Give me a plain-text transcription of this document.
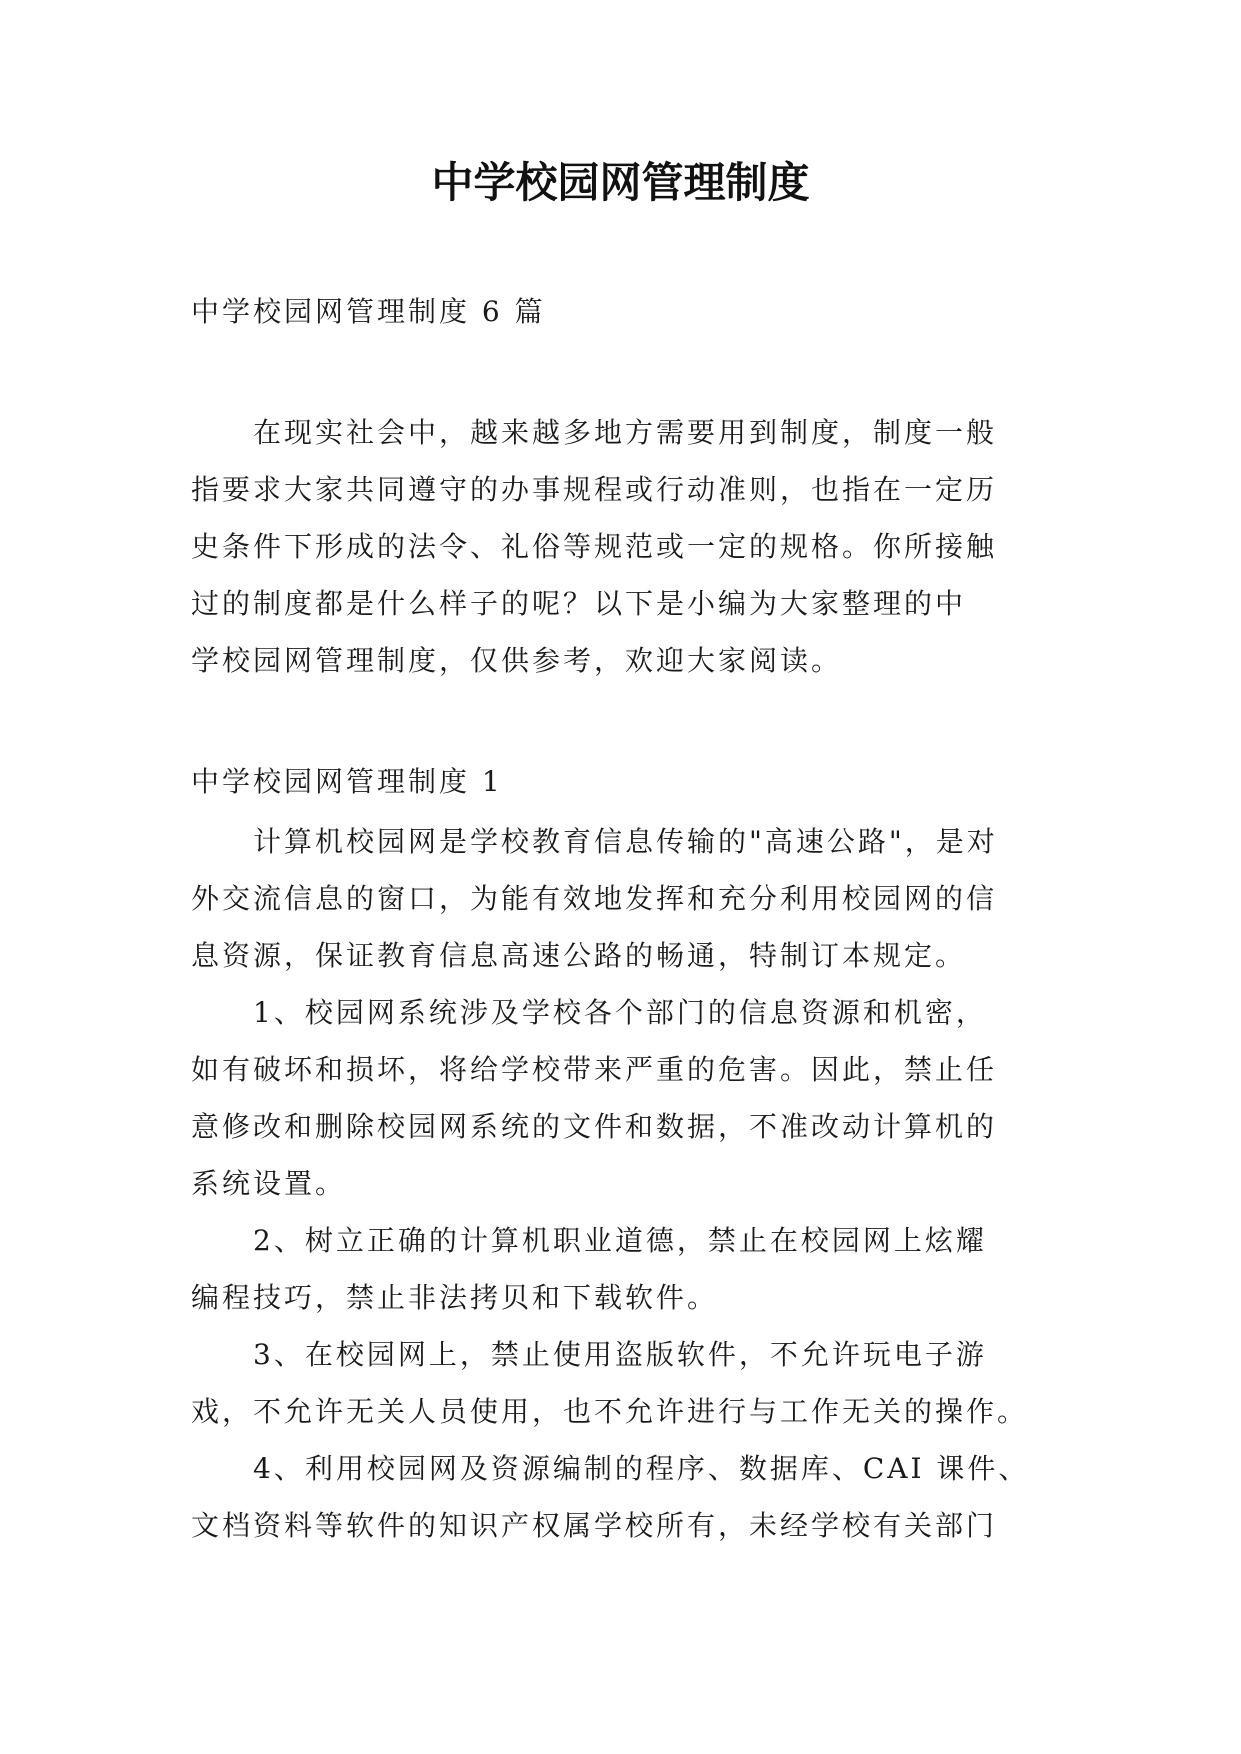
中学校园网管理制度

中学校园网管理制度 6 篇

在现实社会中，越来越多地方需要用到制度，制度一般
指要求大家共同遵守的办事规程或行动准则，也指在一定历
史条件下形成的法令、礼俗等规范或一定的规格。你所接触
过的制度都是什么样子的呢？以下是小编为大家整理的中
学校园网管理制度，仅供参考，欢迎大家阅读。

中学校园网管理制度 1

计算机校园网是学校教育信息传输的"高速公路"，是对
外交流信息的窗口，为能有效地发挥和充分利用校园网的信
息资源，保证教育信息高速公路的畅通，特制订本规定。

1、校园网系统涉及学校各个部门的信息资源和机密，
如有破坏和损坏，将给学校带来严重的危害。因此，禁止任
意修改和删除校园网系统的文件和数据，不准改动计算机的
系统设置。

2、树立正确的计算机职业道德，禁止在校园网上炫耀
编程技巧，禁止非法拷贝和下载软件。

3、在校园网上，禁止使用盗版软件，不允许玩电子游
戏，不允许无关人员使用，也不允许进行与工作无关的操作。

4、利用校园网及资源编制的程序、数据库、CAI 课件、
文档资料等软件的知识产权属学校所有，未经学校有关部门
